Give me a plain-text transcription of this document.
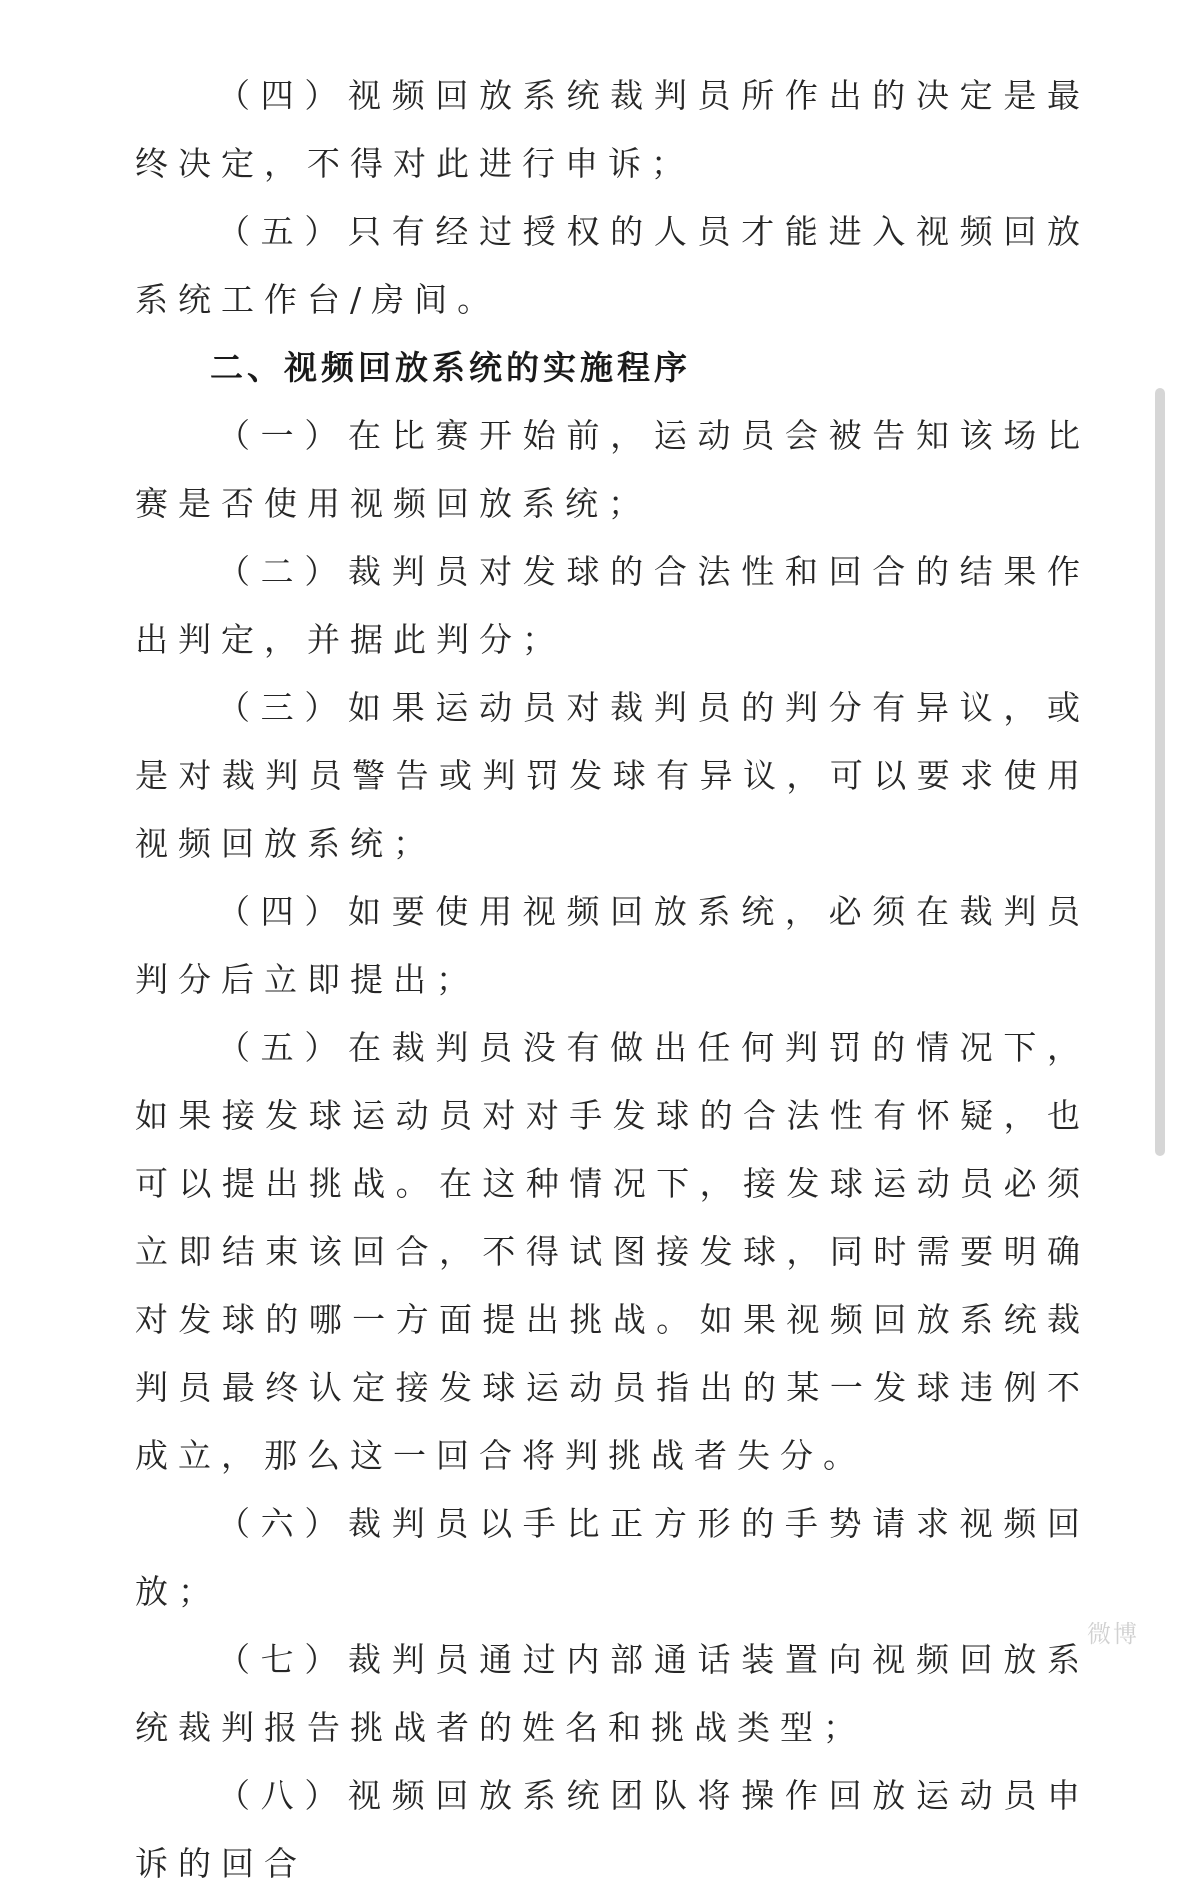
（四）视频回放系统裁判员所作出的决定是最终决定，不得对此进行申诉；

（五）只有经过授权的人员才能进入视频回放系统工作台/房间。

二、视频回放系统的实施程序

（一）在比赛开始前，运动员会被告知该场比赛是否使用视频回放系统；

（二）裁判员对发球的合法性和回合的结果作出判定，并据此判分；

（三）如果运动员对裁判员的判分有异议，或是对裁判员警告或判罚发球有异议，可以要求使用视频回放系统；

（四）如要使用视频回放系统，必须在裁判员判分后立即提出；

（五）在裁判员没有做出任何判罚的情况下，如果接发球运动员对对手发球的合法性有怀疑，也可以提出挑战。在这种情况下，接发球运动员必须立即结束该回合，不得试图接发球，同时需要明确对发球的哪一方面提出挑战。如果视频回放系统裁判员最终认定接发球运动员指出的某一发球违例不成立，那么这一回合将判挑战者失分。

（六）裁判员以手比正方形的手势请求视频回放；

（七）裁判员通过内部通话装置向视频回放系统裁判报告挑战者的姓名和挑战类型；

（八）视频回放系统团队将操作回放运动员申诉的回合

微博
